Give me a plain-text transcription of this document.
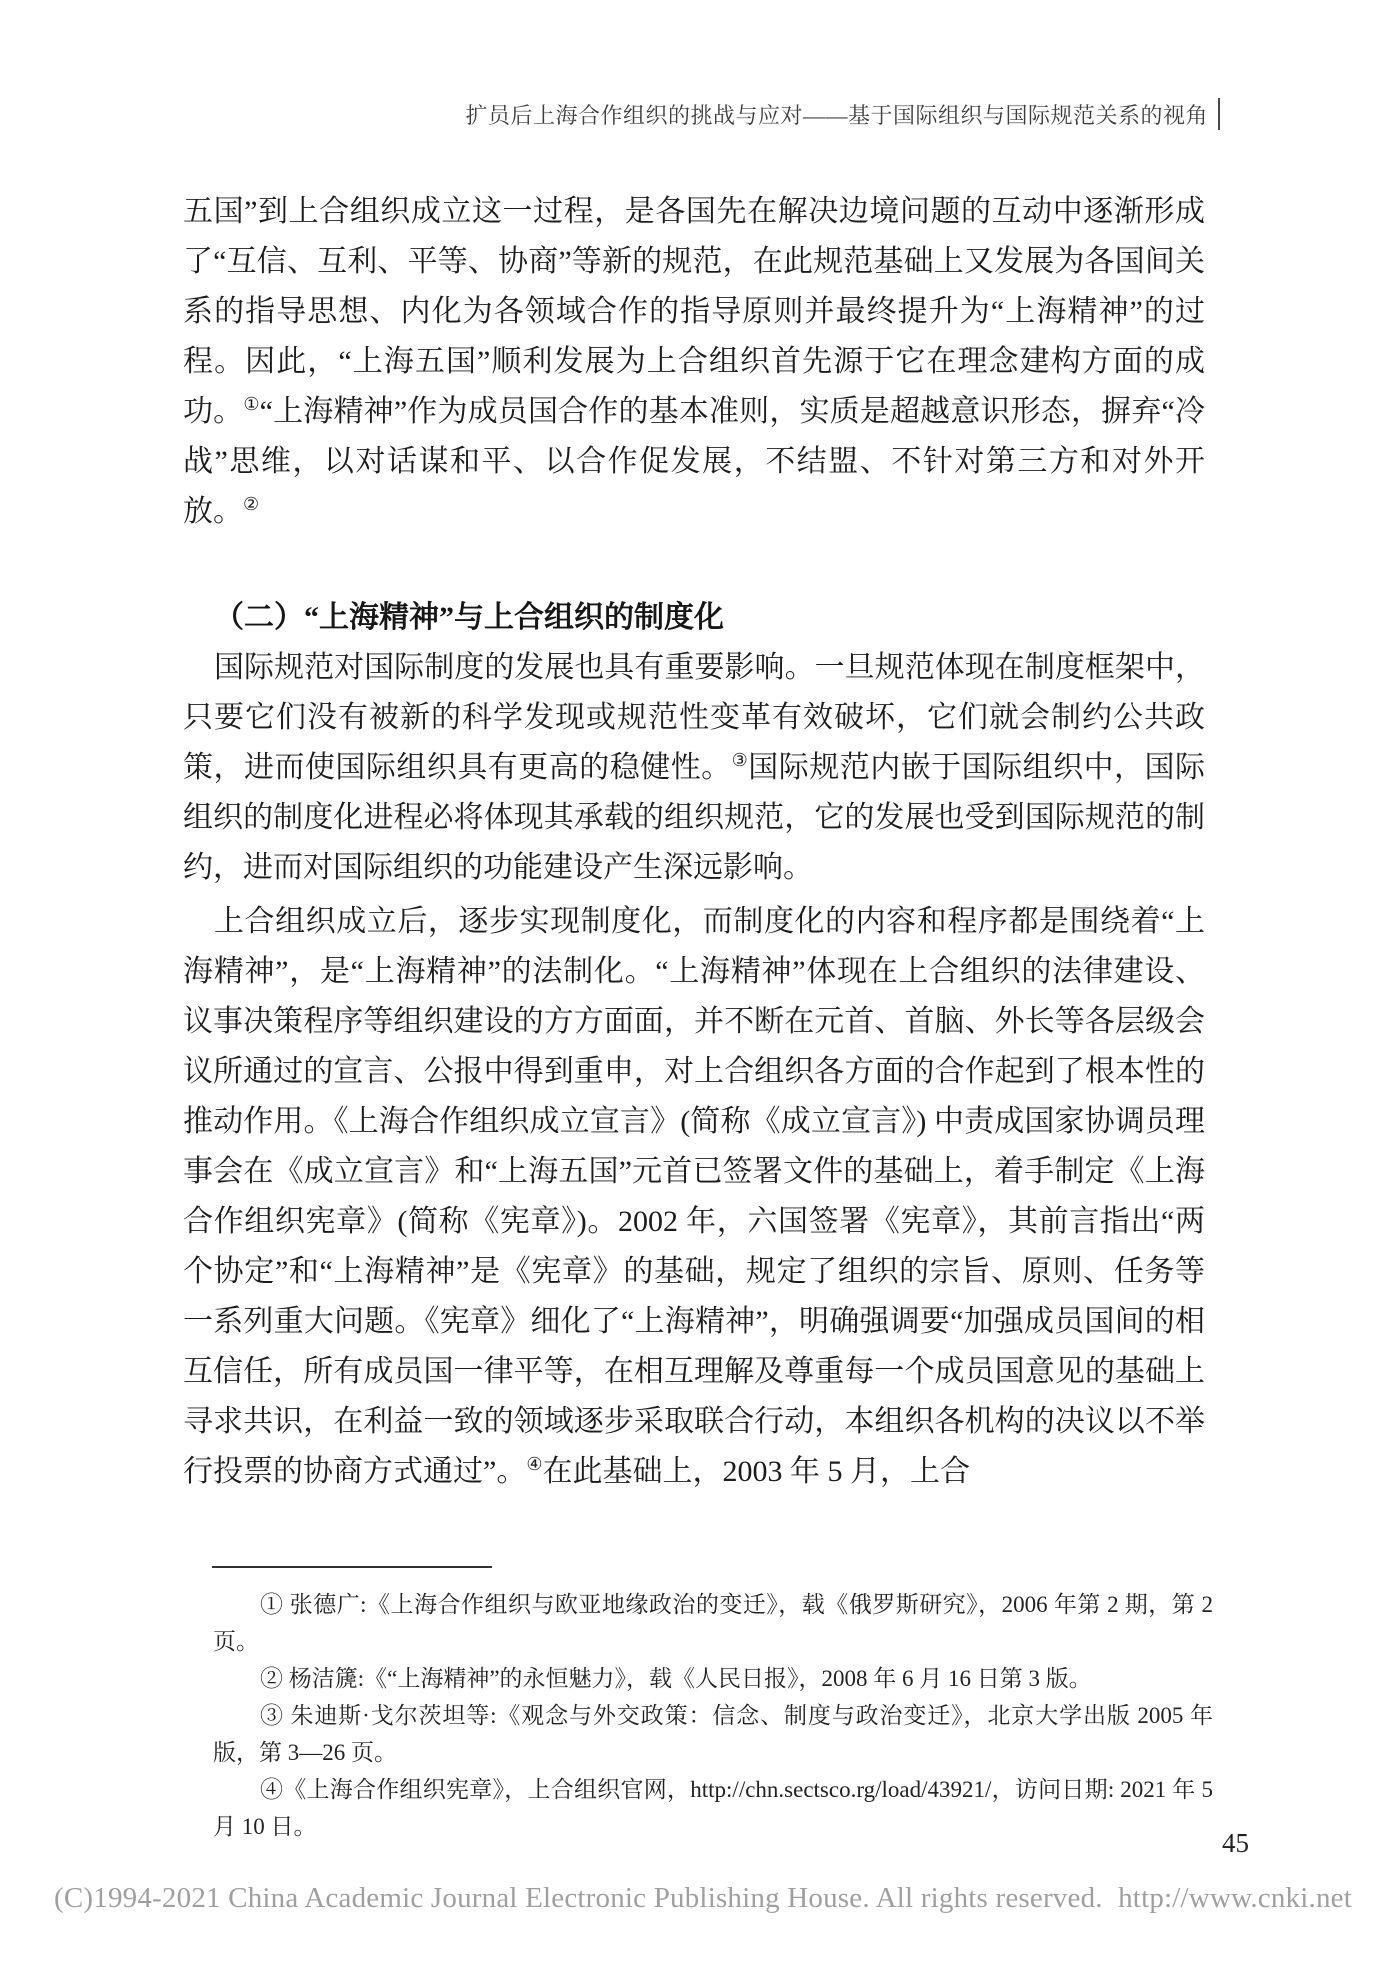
扩员后上海合作组织的挑战与应对——基于国际组织与国际规范关系的视角

五国”到上合组织成立这一过程，是各国先在解决边境问题的互动中逐渐形成了“互信、互利、平等、协商”等新的规范，在此规范基础上又发展为各国间关系的指导思想、内化为各领域合作的指导原则并最终提升为“上海精神”的过程。因此，“上海五国”顺利发展为上合组织首先源于它在理念建构方面的成功。①“上海精神”作为成员国合作的基本准则，实质是超越意识形态，摒弃“冷战”思维，以对话谋和平、以合作促发展，不结盟、不针对第三方和对外开放。②

（二）“上海精神”与上合组织的制度化

国际规范对国际制度的发展也具有重要影响。一旦规范体现在制度框架中，只要它们没有被新的科学发现或规范性变革有效破坏，它们就会制约公共政策，进而使国际组织具有更高的稳健性。③国际规范内嵌于国际组织中，国际组织的制度化进程必将体现其承载的组织规范，它的发展也受到国际规范的制约，进而对国际组织的功能建设产生深远影响。

上合组织成立后，逐步实现制度化，而制度化的内容和程序都是围绕着“上海精神”，是“上海精神”的法制化。“上海精神”体现在上合组织的法律建设、议事决策程序等组织建设的方方面面，并不断在元首、首脑、外长等各层级会议所通过的宣言、公报中得到重申，对上合组织各方面的合作起到了根本性的推动作用。《上海合作组织成立宣言》(简称《成立宣言》) 中责成国家协调员理事会在《成立宣言》和“上海五国”元首已签署文件的基础上，着手制定《上海合作组织宪章》(简称《宪章》)。2002 年，六国签署《宪章》，其前言指出“两个协定”和“上海精神”是《宪章》的基础，规定了组织的宗旨、原则、任务等一系列重大问题。《宪章》细化了“上海精神”，明确强调要“加强成员国间的相互信任，所有成员国一律平等，在相互理解及尊重每一个成员国意见的基础上寻求共识，在利益一致的领域逐步采取联合行动，本组织各机构的决议以不举行投票的协商方式通过”。④在此基础上，2003 年 5 月，上合

① 张德广:《上海合作组织与欧亚地缘政治的变迁》，载《俄罗斯研究》，2006 年第 2 期，第 2 页。

② 杨洁篪:《“上海精神”的永恒魅力》，载《人民日报》，2008 年 6 月 16 日第 3 版。

③ 朱迪斯·戈尔茨坦等:《观念与外交政策：信念、制度与政治变迁》，北京大学出版 2005 年版，第 3—26 页。

④《上海合作组织宪章》，上合组织官网，http://chn.sectsco.rg/load/43921/，访问日期: 2021 年 5 月 10 日。

45
(C)1994-2021 China Academic Journal Electronic Publishing House. All rights reserved. http://www.cnki.net
